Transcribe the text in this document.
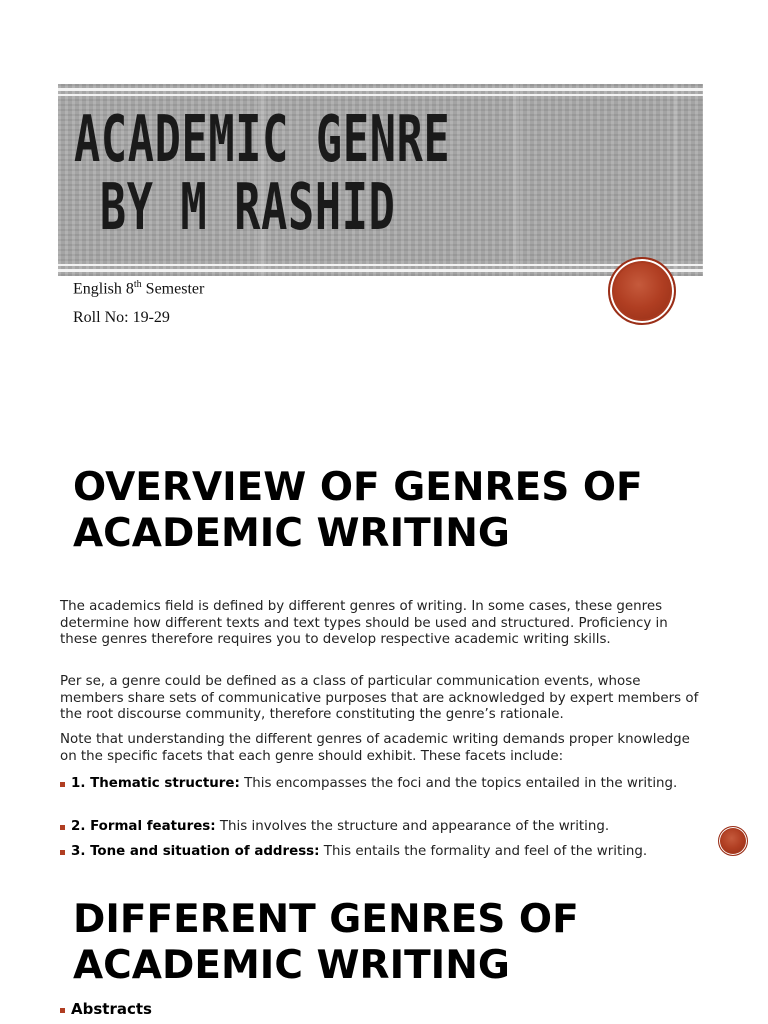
ACADEMIC GENRE
BY M RASHID
English 8th Semester
Roll No: 19-29
OVERVIEW OF GENRES OF
ACADEMIC WRITING

The academics field is defined by different genres of writing. In some cases, these genres determine how different texts and text types should be used and structured. Proficiency in these genres therefore requires you to develop respective academic writing skills.

Per se, a genre could be defined as a class of particular communication events, whose members share sets of communicative purposes that are acknowledged by expert members of the root discourse community, therefore constituting the genre’s rationale.

Note that understanding the different genres of academic writing demands proper knowledge on the specific facets that each genre should exhibit. These facets include:

1. Thematic structure: This encompasses the foci and the topics entailed in the writing.
2. Formal features: This involves the structure and appearance of the writing.
3. Tone and situation of address: This entails the formality and feel of the writing.
DIFFERENT GENRES OF
ACADEMIC WRITING
Abstracts
